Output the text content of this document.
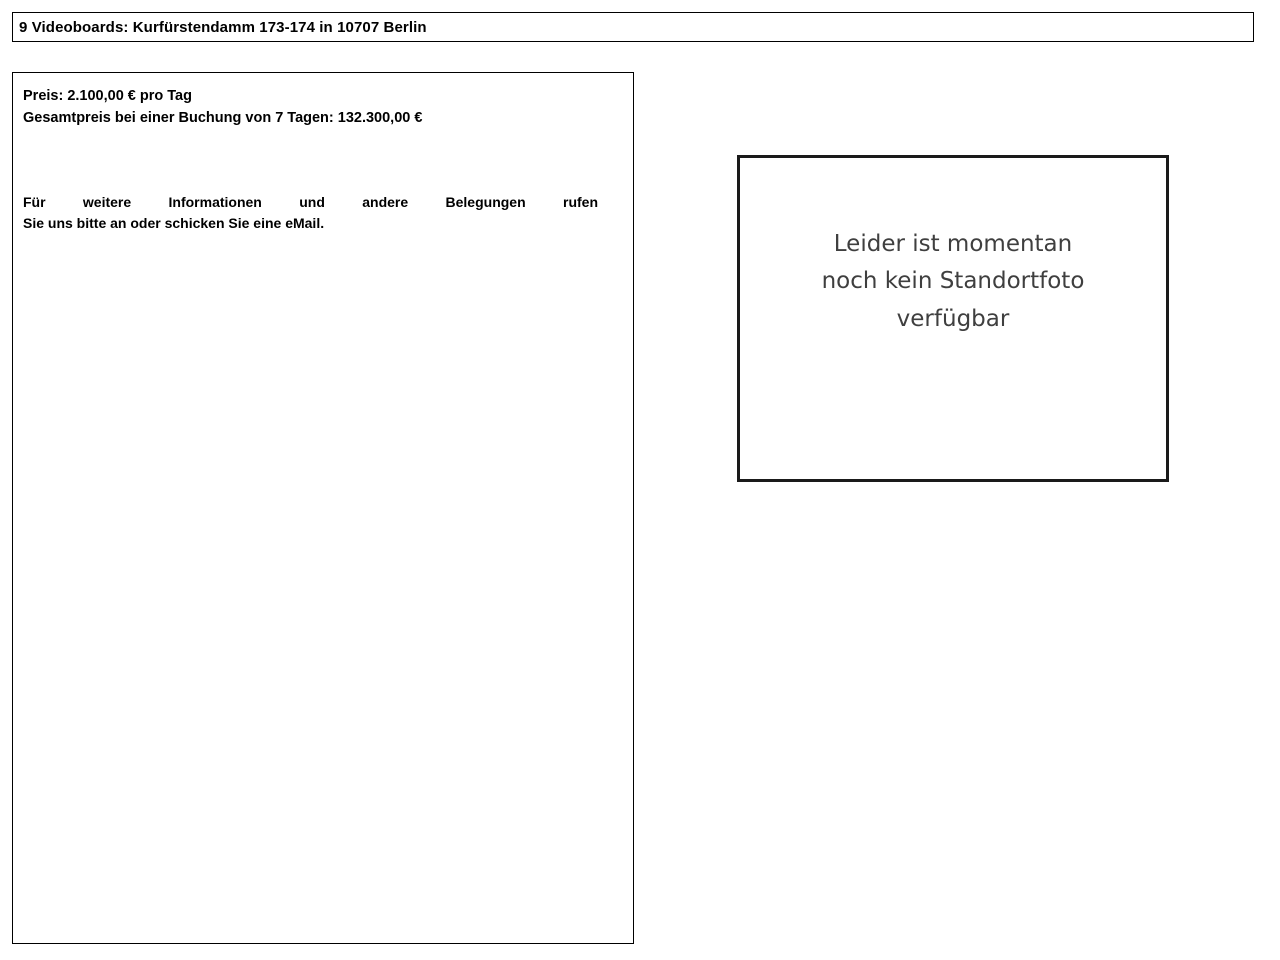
9 Videoboards: Kurfürstendamm 173-174 in 10707 Berlin
Preis: 2.100,00 € pro Tag
Gesamtpreis bei einer Buchung von 7 Tagen: 132.300,00 €
Für weitere Informationen und andere Belegungen rufen
Sie uns bitte an oder schicken Sie eine eMail.
Leider ist momentan
noch kein Standortfoto
verfügbar
